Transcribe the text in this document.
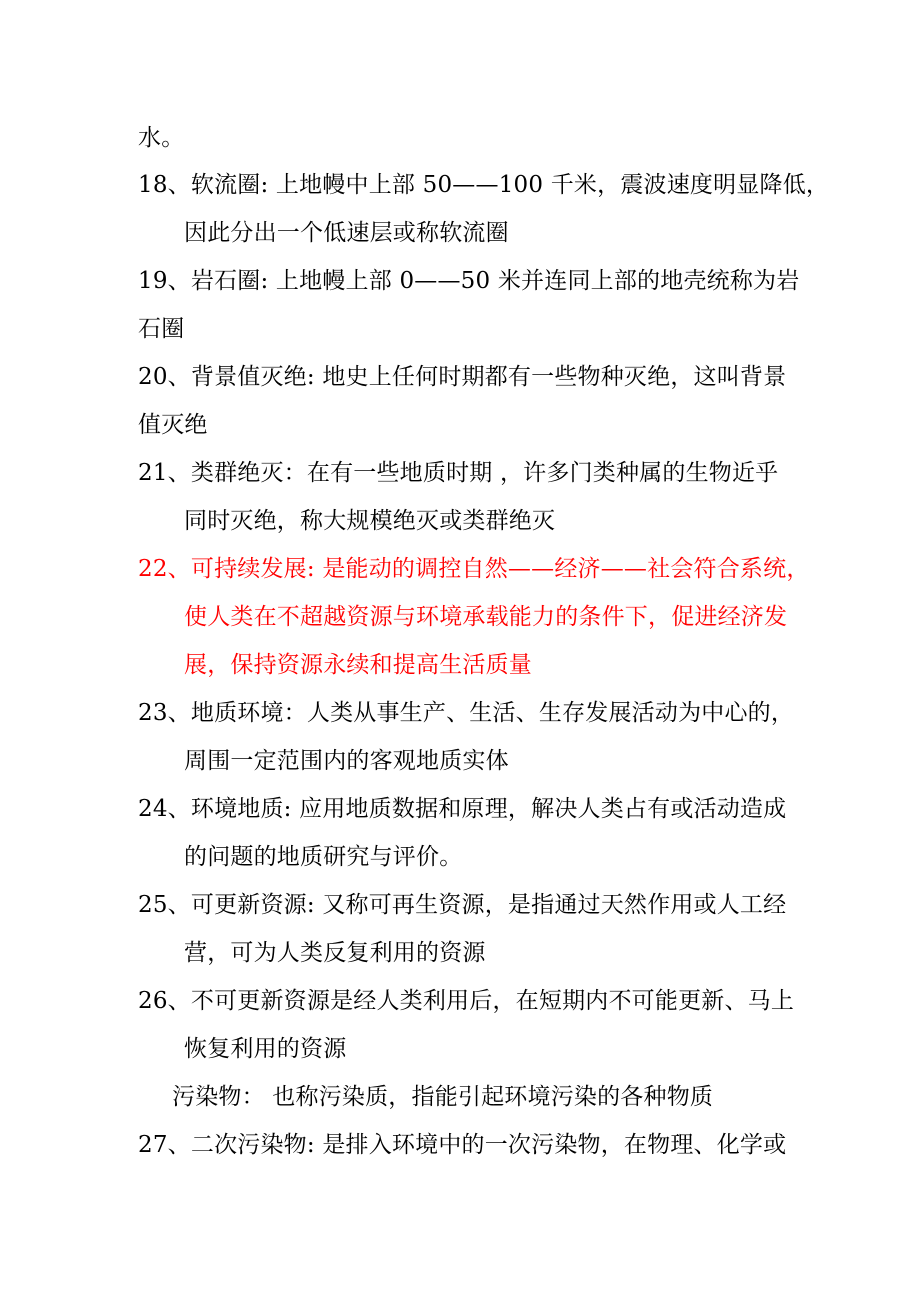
水。
18、软流圈: 上地幔中上部 50——100 千米，震波速度明显降低，
因此分出一个低速层或称软流圈
19、岩石圈: 上地幔上部 0——50 米并连同上部的地壳统称为岩
石圈
20、背景值灭绝: 地史上任何时期都有一些物种灭绝，这叫背景
值灭绝
21、类群绝灭：在有一些地质时期 ，许多门类种属的生物近乎
同时灭绝，称大规模绝灭或类群绝灭
22、可持续发展: 是能动的调控自然——经济——社会符合系统，
使人类在不超越资源与环境承载能力的条件下，促进经济发
展，保持资源永续和提高生活质量
23、地质环境：人类从事生产、生活、生存发展活动为中心的，
周围一定范围内的客观地质实体
24、环境地质: 应用地质数据和原理，解决人类占有或活动造成
的问题的地质研究与评价。
25、可更新资源: 又称可再生资源，是指通过天然作用或人工经
营，可为人类反复利用的资源
26、不可更新资源是经人类利用后，在短期内不可能更新、马上
恢复利用的资源
污染物： 也称污染质，指能引起环境污染的各种物质
27、二次污染物: 是排入环境中的一次污染物，在物理、化学或
